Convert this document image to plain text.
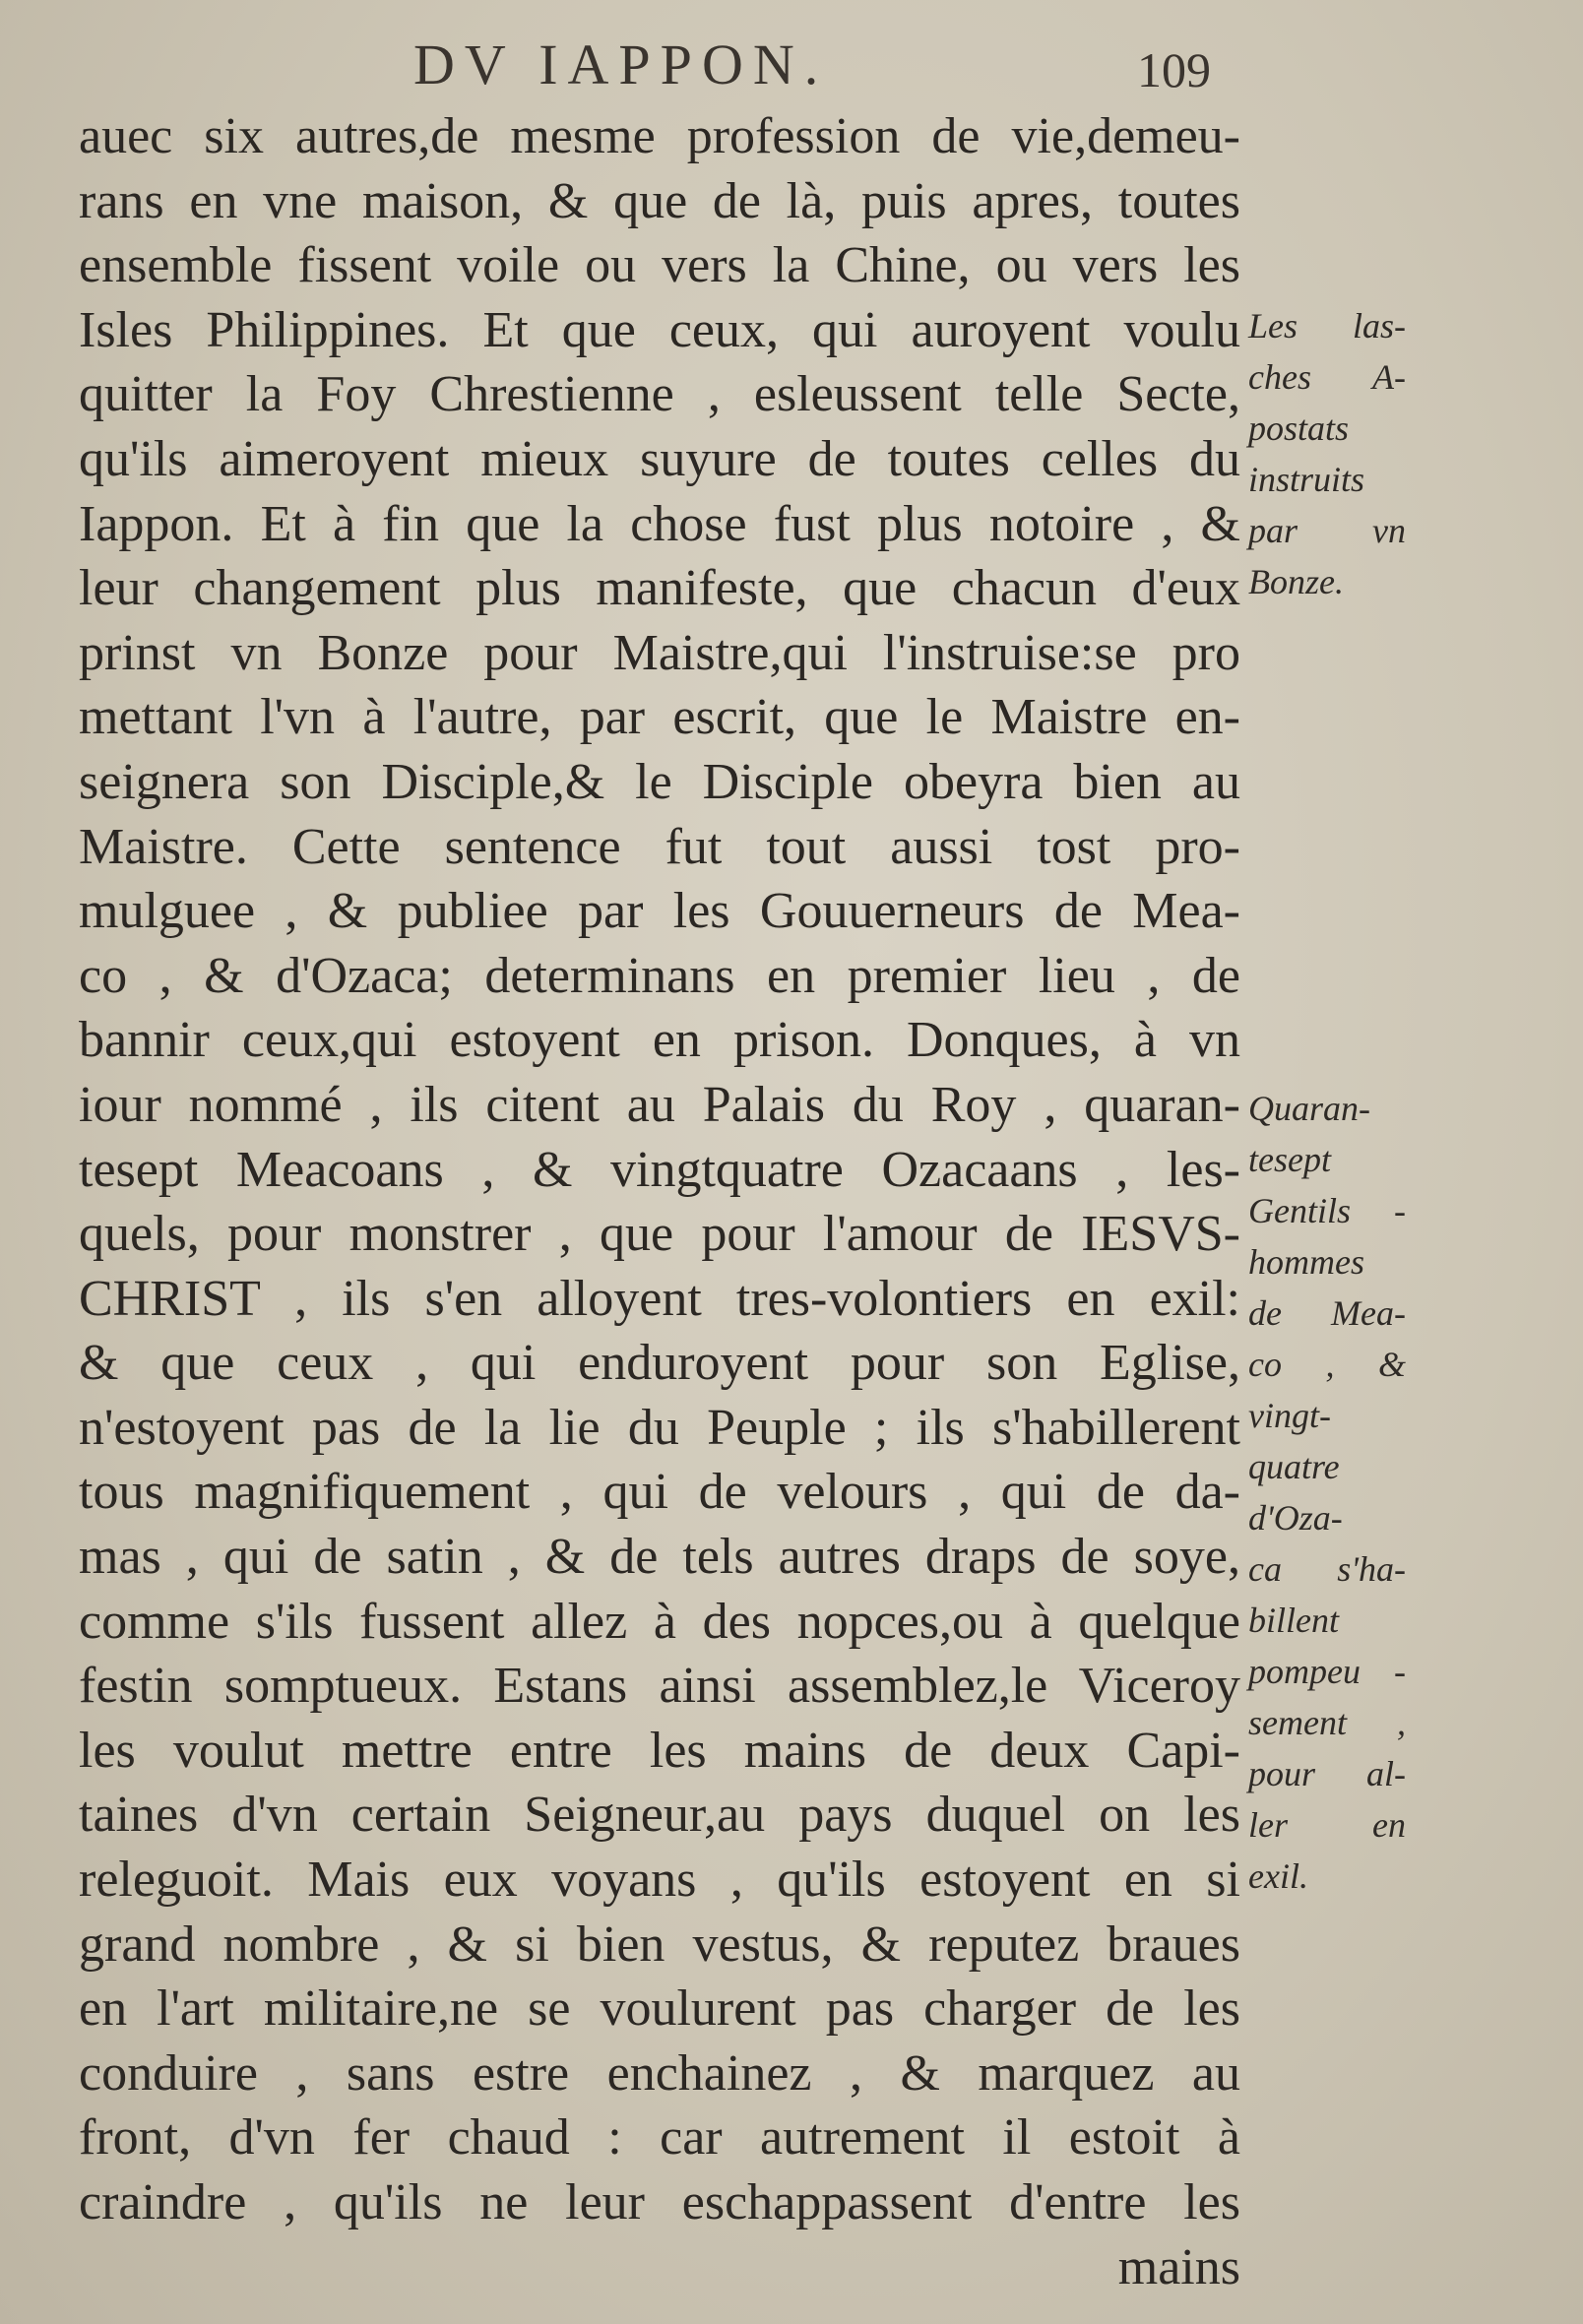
DV IAPPON.	109
auec six autres,de mesme profession de vie,demeu-
rans en vne maison, & que de là, puis apres, toutes
ensemble fissent voile ou vers la Chine, ou vers les
Isles Philippines. Et que ceux, qui auroyent voulu
quitter la Foy Chrestienne , esleussent telle Secte,
qu'ils aimeroyent mieux suyure de toutes celles du
Iappon. Et à fin que la chose fust plus notoire , &
leur changement plus manifeste, que chacun d'eux
prinst vn Bonze pour Maistre,qui l'instruise:se pro
mettant l'vn à l'autre, par escrit, que le Maistre en-
seignera son Disciple,& le Disciple obeyra bien au
Maistre. Cette sentence fut tout aussi tost pro-
mulguee , & publiee par les Gouuerneurs de Mea-
co , & d'Ozaca; determinans en premier lieu , de
bannir ceux,qui estoyent en prison. Donques, à vn
iour nommé , ils citent au Palais du Roy , quaran-
tesept Meacoans , & vingtquatre Ozacaans , les-
quels, pour monstrer , que pour l'amour de IESVS-
CHRIST , ils s'en alloyent tres-volontiers en exil:
& que ceux , qui enduroyent pour son Eglise,
n'estoyent pas de la lie du Peuple ; ils s'habillerent
tous magnifiquement , qui de velours , qui de da-
mas , qui de satin , & de tels autres draps de soye,
comme s'ils fussent allez à des nopces,ou à quelque
festin somptueux. Estans ainsi assemblez,le Viceroy
les voulut mettre entre les mains de deux Capi-
taines d'vn certain Seigneur,au pays duquel on les
releguoit. Mais eux voyans , qu'ils estoyent en si
grand nombre , & si bien vestus, & reputez braues
en l'art militaire,ne se voulurent pas charger de les
conduire , sans estre enchainez , & marquez au
front, d'vn fer chaud : car autrement il estoit à
craindre , qu'ils ne leur eschappassent d'entre les
mains
Les las-
ches A-
postats
instruits
par vn
Bonze.
Quaran-
tesept
Gentils -
hommes
de Mea-
co , &
vingt-
quatre
d'Oza-
ca s'ha-
billent
pompeu -
sement ,
pour al-
ler en
exil.
